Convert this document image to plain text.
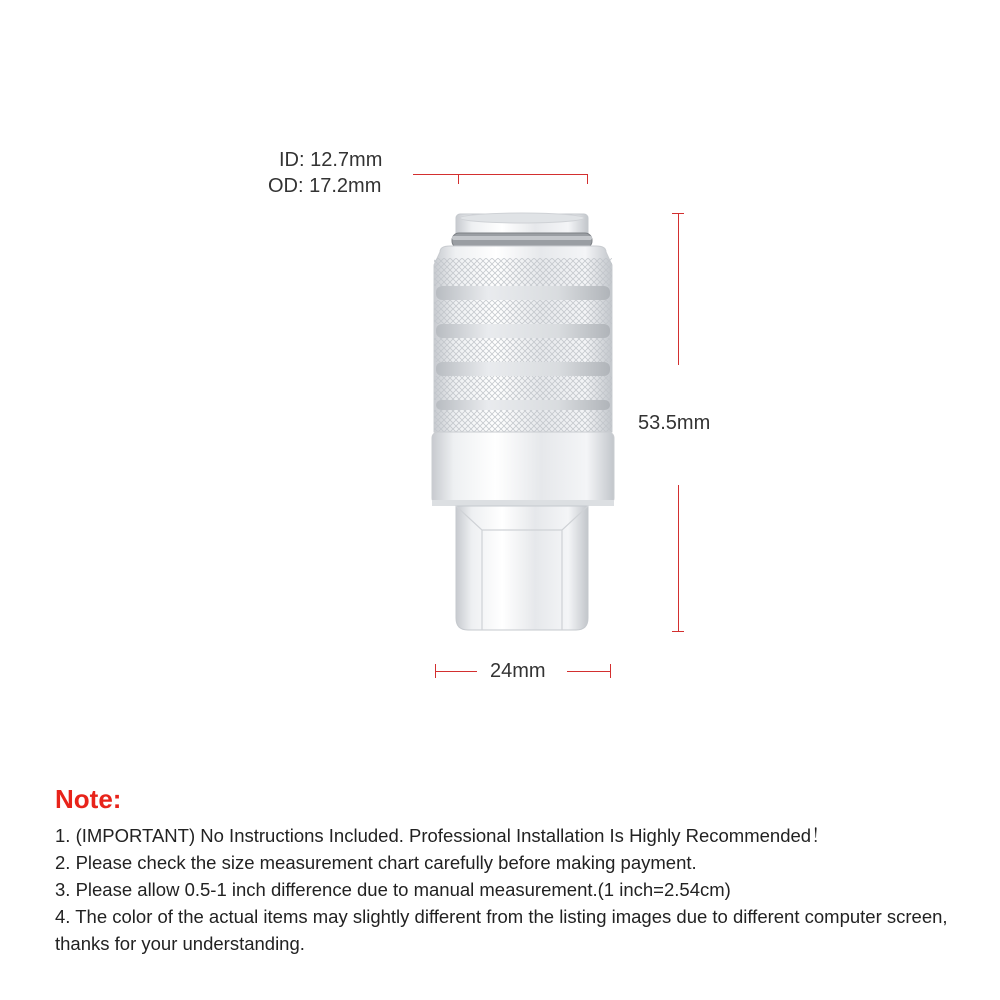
ID: 12.7mm
OD: 17.2mm
53.5mm
24mm
Note:

1. (IMPORTANT) No Instructions Included. Professional Installation Is Highly Recommended！

2. Please check the size measurement chart carefully before making payment.

3. Please allow 0.5-1 inch difference due to manual measurement.(1 inch=2.54cm)

4. The color of the actual items may slightly different from the listing images due to different computer screen, thanks for your understanding.
